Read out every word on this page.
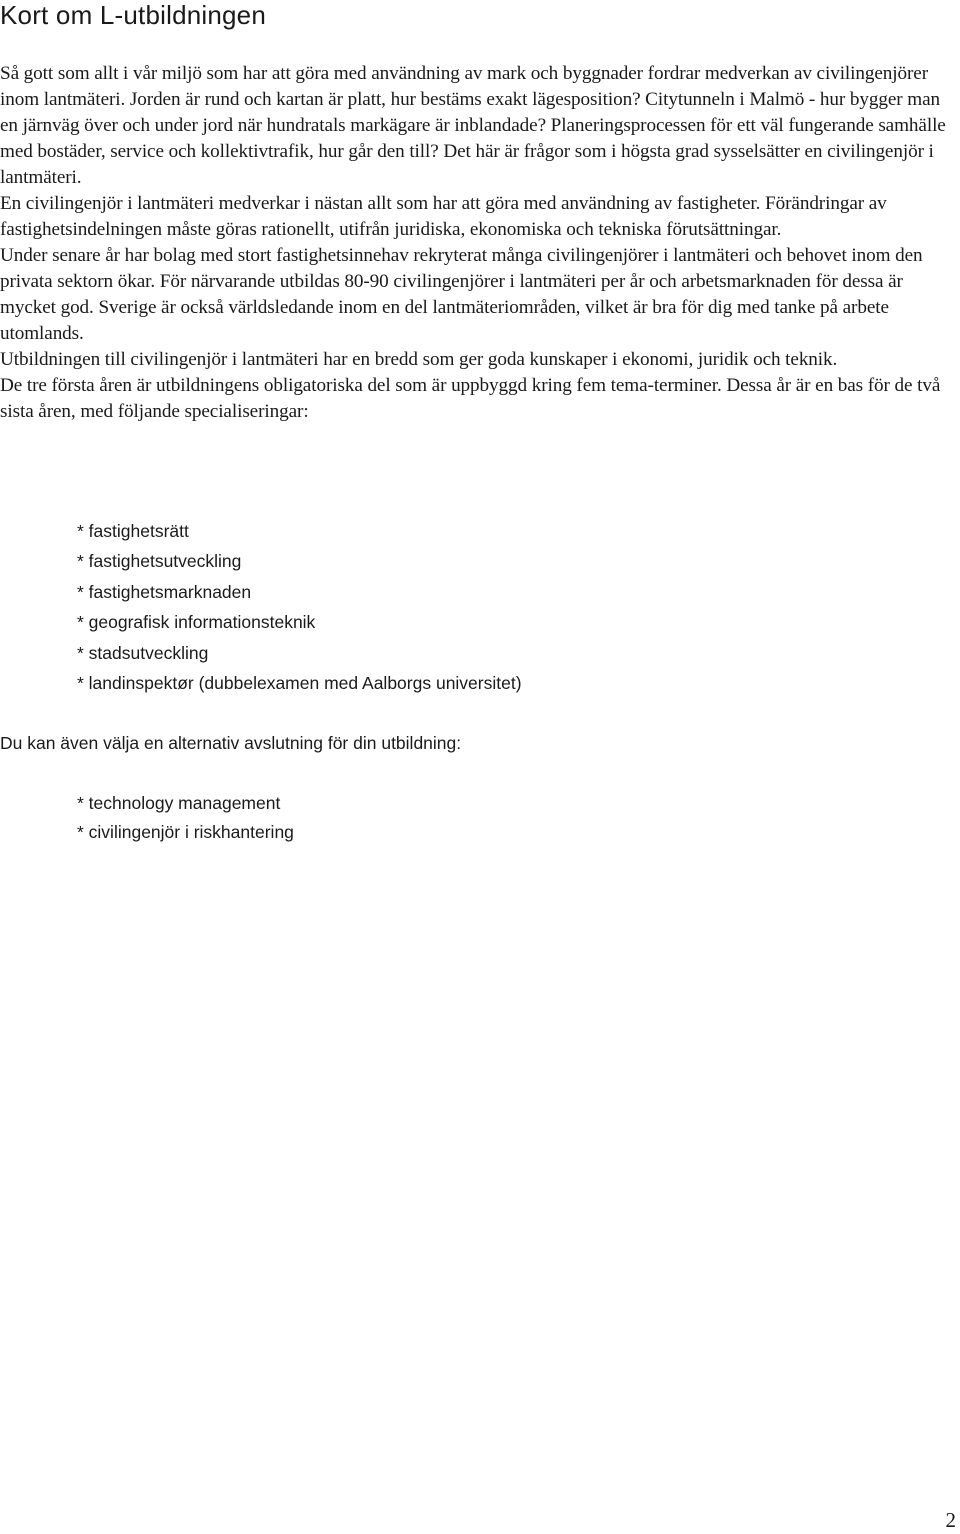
Kort om L-utbildningen

Så gott som allt i vår miljö som har att göra med användning av mark och byggnader fordrar medverkan av civilingenjörer inom lantmäteri. Jorden är rund och kartan är platt, hur bestäms exakt lägesposition? Citytunneln i Malmö - hur bygger man en järnväg över och under jord när hundratals markägare är inblandade? Planeringsprocessen för ett väl fungerande samhälle med bostäder, service och kollektivtrafik, hur går den till? Det här är frågor som i högsta grad sysselsätter en civilingenjör i lantmäteri.

En civilingenjör i lantmäteri medverkar i nästan allt som har att göra med användning av fastigheter. Förändringar av fastighetsindelningen måste göras rationellt, utifrån juridiska, ekonomiska och tekniska förutsättningar.

Under senare år har bolag med stort fastighetsinnehav rekryterat många civilingenjörer i lantmäteri och behovet inom den privata sektorn ökar. För närvarande utbildas 80-90 civilingenjörer i lantmäteri per år och arbetsmarknaden för dessa är mycket god. Sverige är också världsledande inom en del lantmäteriområden, vilket är bra för dig med tanke på arbete utomlands.

Utbildningen till civilingenjör i lantmäteri har en bredd som ger goda kunskaper i ekonomi, juridik och teknik.

De tre första åren är utbildningens obligatoriska del som är uppbyggd kring fem tema-terminer. Dessa år är en bas för de två sista åren, med följande specialiseringar:

* fastighetsrätt
* fastighetsutveckling
* fastighetsmarknaden
* geografisk informationsteknik
* stadsutveckling
* landinspektør (dubbelexamen med Aalborgs universitet)

Du kan även välja en alternativ avslutning för din utbildning:

* technology management
* civilingenjör i riskhantering
2
